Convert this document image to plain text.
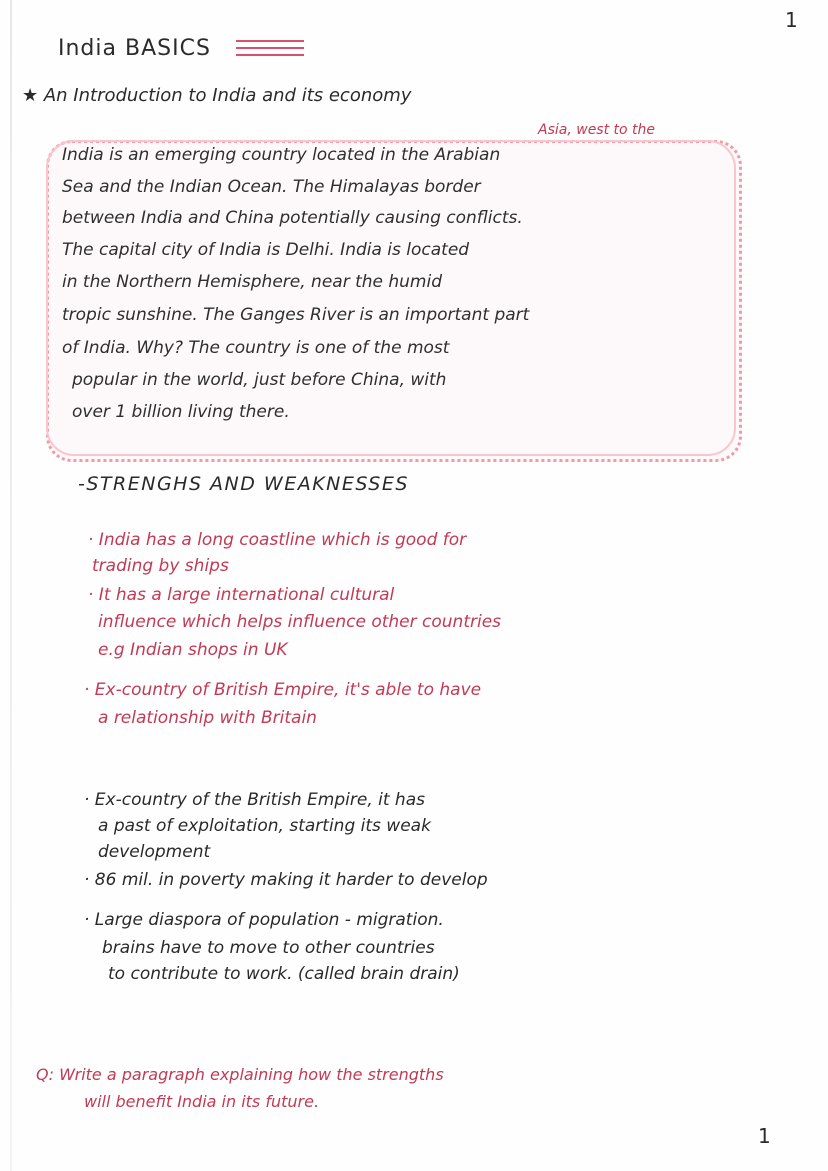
1
India BASICS
★ An Introduction to India and its economy
Asia, west to the
India is an emerging country located in the Arabian
Sea and the Indian Ocean. The Himalayas border
between India and China potentially causing conflicts.
The capital city of India is Delhi. India is located
in the Northern Hemisphere, near the humid
tropic sunshine. The Ganges River is an important part
of India. Why? The country is one of the most
popular in the world, just before China, with
over 1 billion living there.
-STRENGHS AND WEAKNESSES
· India has a long coastline which is good for
trading by ships
· It has a large international cultural
influence which helps influence other countries
e.g Indian shops in UK
· Ex-country of British Empire, it's able to have
a relationship with Britain
· Ex-country of the British Empire, it has
a past of exploitation, starting its weak
development
· 86 mil. in poverty making it harder to develop
· Large diaspora of population - migration.
brains have to move to other countries
to contribute to work. (called brain drain)
Q: Write a paragraph explaining how the strengths
will benefit India in its future.
1
